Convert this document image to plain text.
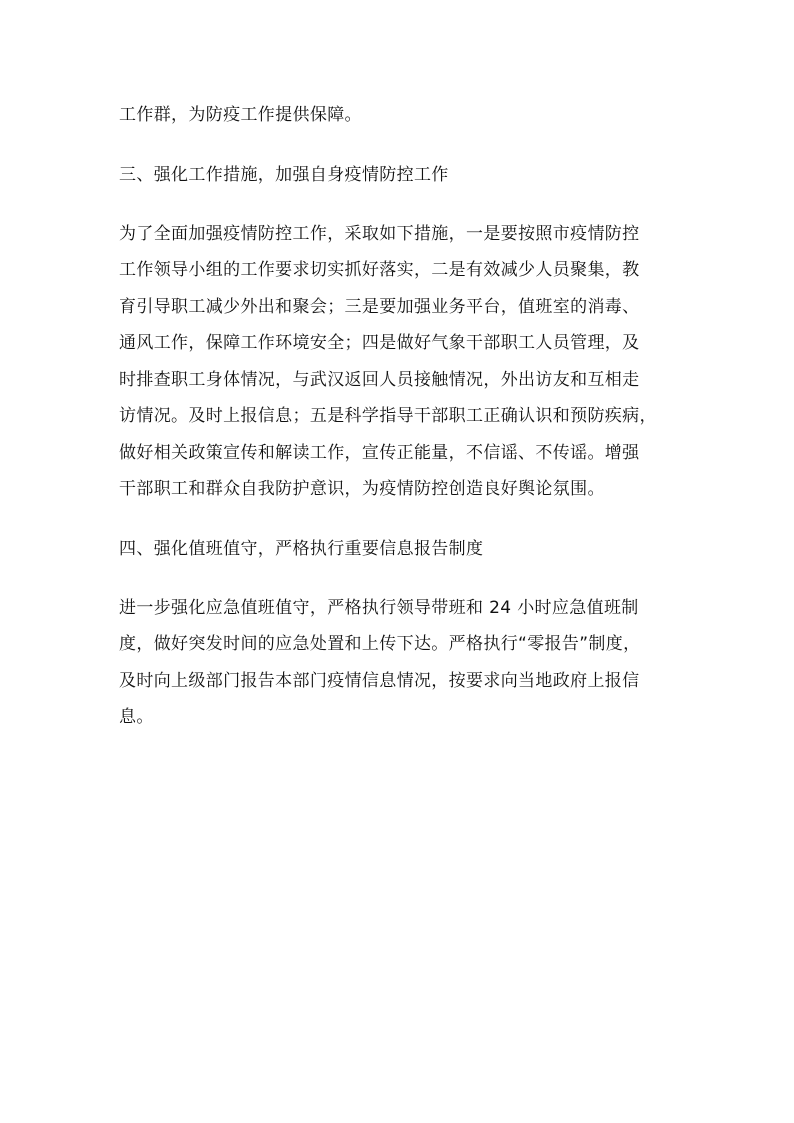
工作群，为防疫工作提供保障。
三、强化工作措施，加强自身疫情防控工作
为了全面加强疫情防控工作，采取如下措施，一是要按照市疫情防控
工作领导小组的工作要求切实抓好落实，二是有效减少人员聚集，教
育引导职工减少外出和聚会；三是要加强业务平台，值班室的消毒、
通风工作，保障工作环境安全；四是做好气象干部职工人员管理，及
时排查职工身体情况，与武汉返回人员接触情况，外出访友和互相走
访情况。及时上报信息；五是科学指导干部职工正确认识和预防疾病，
做好相关政策宣传和解读工作，宣传正能量，不信谣、不传谣。增强
干部职工和群众自我防护意识，为疫情防控创造良好舆论氛围。
四、强化值班值守，严格执行重要信息报告制度
进一步强化应急值班值守，严格执行领导带班和 24 小时应急值班制
度，做好突发时间的应急处置和上传下达。严格执行“零报告”制度，
及时向上级部门报告本部门疫情信息情况，按要求向当地政府上报信
息。
